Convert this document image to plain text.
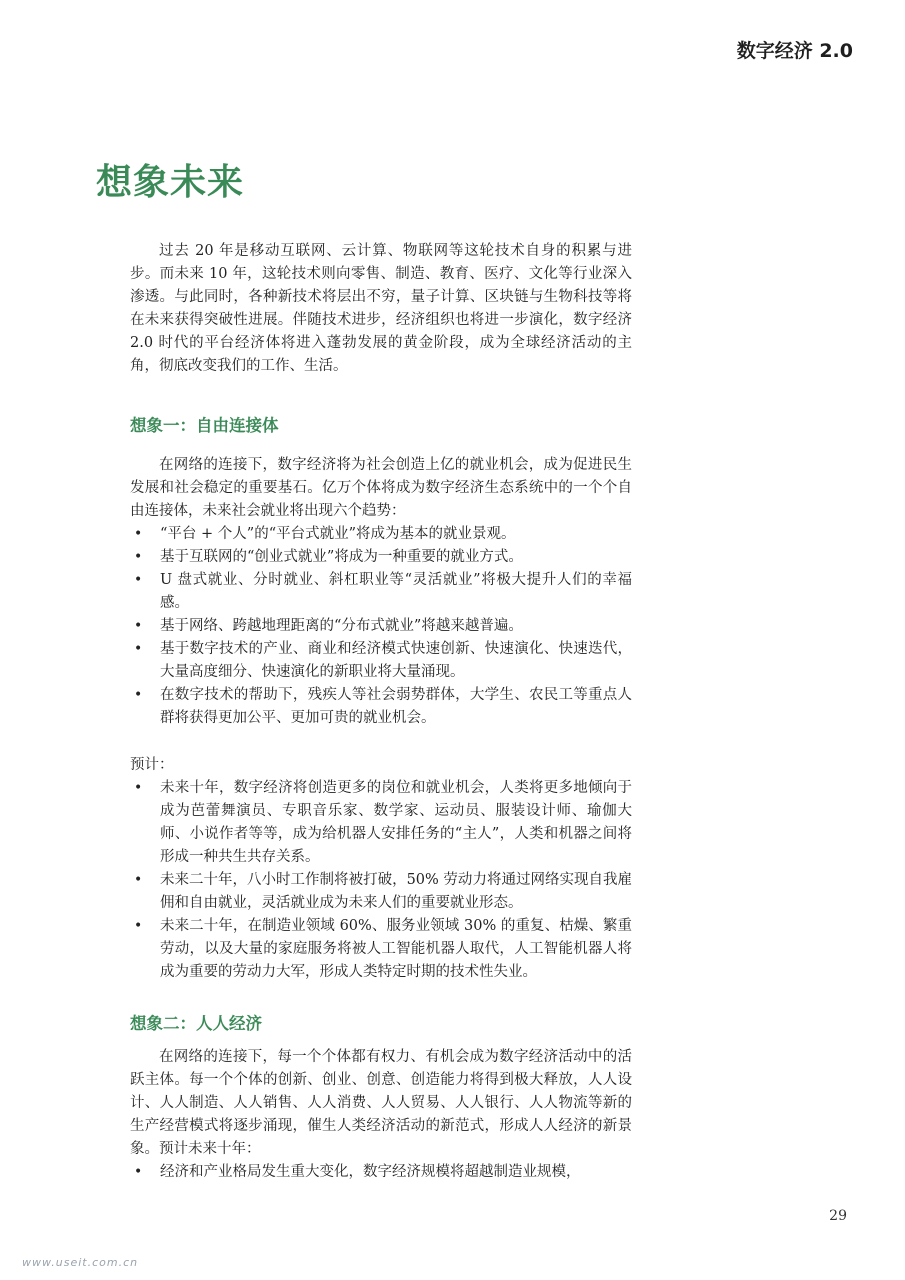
数字经济 2.0
想象未来

过去 20 年是移动互联网、云计算、物联网等这轮技术自身的积累与进步。而未来 10 年，这轮技术则向零售、制造、教育、医疗、文化等行业深入渗透。与此同时，各种新技术将层出不穷，量子计算、区块链与生物科技等将在未来获得突破性进展。伴随技术进步，经济组织也将进一步演化，数字经济 2.0 时代的平台经济体将进入蓬勃发展的黄金阶段，成为全球经济活动的主角，彻底改变我们的工作、生活。

想象一：自由连接体

在网络的连接下，数字经济将为社会创造上亿的就业机会，成为促进民生发展和社会稳定的重要基石。亿万个体将成为数字经济生态系统中的一个个自由连接体，未来社会就业将出现六个趋势：

• “平台 + 个人”的“平台式就业”将成为基本的就业景观。
• 基于互联网的“创业式就业”将成为一种重要的就业方式。
• U 盘式就业、分时就业、斜杠职业等“灵活就业”将极大提升人们的幸福感。
• 基于网络、跨越地理距离的“分布式就业”将越来越普遍。
• 基于数字技术的产业、商业和经济模式快速创新、快速演化、快速迭代，大量高度细分、快速演化的新职业将大量涌现。
• 在数字技术的帮助下，残疾人等社会弱势群体，大学生、农民工等重点人群将获得更加公平、更加可贵的就业机会。

预计：

• 未来十年，数字经济将创造更多的岗位和就业机会，人类将更多地倾向于成为芭蕾舞演员、专职音乐家、数学家、运动员、服装设计师、瑜伽大师、小说作者等等，成为给机器人安排任务的“主人”，人类和机器之间将形成一种共生共存关系。
• 未来二十年，八小时工作制将被打破，50% 劳动力将通过网络实现自我雇佣和自由就业，灵活就业成为未来人们的重要就业形态。
• 未来二十年，在制造业领域 60%、服务业领域 30% 的重复、枯燥、繁重劳动，以及大量的家庭服务将被人工智能机器人取代，人工智能机器人将成为重要的劳动力大军，形成人类特定时期的技术性失业。
想象二：人人经济

在网络的连接下，每一个个体都有权力、有机会成为数字经济活动中的活跃主体。每一个个体的创新、创业、创意、创造能力将得到极大释放，人人设计、人人制造、人人销售、人人消费、人人贸易、人人银行、人人物流等新的生产经营模式将逐步涌现，催生人类经济活动的新范式，形成人人经济的新景象。预计未来十年：

• 经济和产业格局发生重大变化，数字经济规模将超越制造业规模，
29
www.useit.com.cn
